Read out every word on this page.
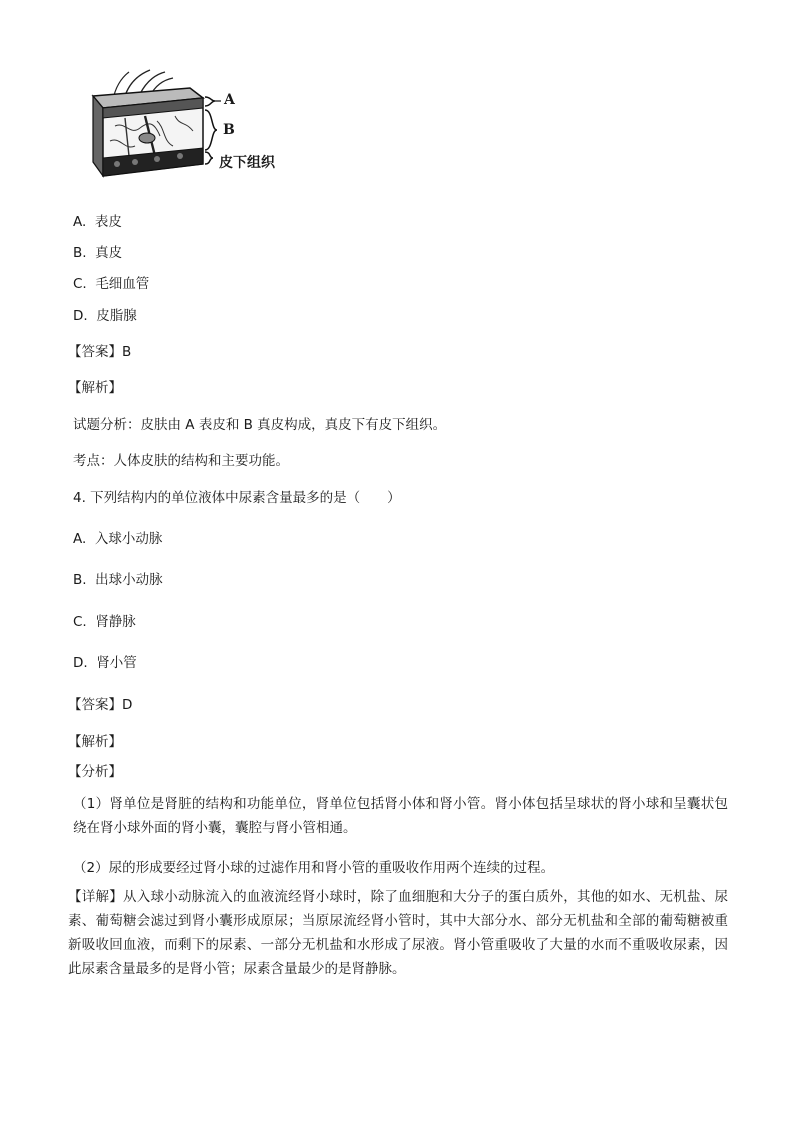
A
B
皮下组织
A. 表皮
B. 真皮
C. 毛细血管
D. 皮脂腺
【答案】B
【解析】
试题分析：皮肤由 A 表皮和 B 真皮构成，真皮下有皮下组织。
考点：人体皮肤的结构和主要功能。
4. 下列结构内的单位液体中尿素含量最多的是（　　）
A. 入球小动脉
B. 出球小动脉
C. 肾静脉
D. 肾小管
【答案】D
【解析】
【分析】
（1）肾单位是肾脏的结构和功能单位，肾单位包括肾小体和肾小管。肾小体包括呈球状的肾小球和呈囊状包绕在肾小球外面的肾小囊，囊腔与肾小管相通。
（2）尿的形成要经过肾小球的过滤作用和肾小管的重吸收作用两个连续的过程。
【详解】从入球小动脉流入的血液流经肾小球时，除了血细胞和大分子的蛋白质外，其他的如水、无机盐、尿素、葡萄糖会滤过到肾小囊形成原尿；当原尿流经肾小管时，其中大部分水、部分无机盐和全部的葡萄糖被重新吸收回血液，而剩下的尿素、一部分无机盐和水形成了尿液。肾小管重吸收了大量的水而不重吸收尿素，因此尿素含量最多的是肾小管；尿素含量最少的是肾静脉。
